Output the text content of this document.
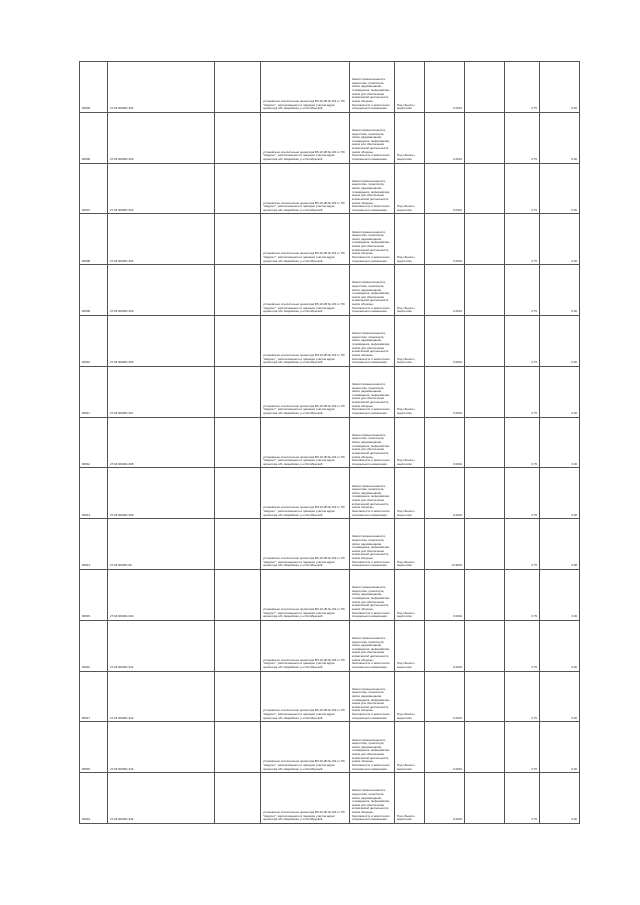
90505	27:04:000901:304		установлено относительно ориентира ВЛ-10 кВ № 103 от ПС "Амурзет", расположенного в границах участка адрес ориентира обл. Еврейская, р-н Октябрьский	Земли промышленности, энергетики, транспорта, связи, радиовещания, телевидения, информатики, земли для обеспечения космической деятельности, земли обороны, безопасности и земли иного специального назначения	Под объекты энергетики	0.0004		0.75	0.00

90506	27:04:000901:305		установлено относительно ориентира ВЛ-10 кВ № 103 от ПС "Амурзет", расположенного в границах участка адрес ориентира обл. Еврейская, р-н Октябрьский	Земли промышленности, энергетики, транспорта, связи, радиовещания, телевидения, информатики, земли для обеспечения космической деятельности, земли обороны, безопасности и земли иного специального назначения	Под объекты энергетики	0.0004		0.75	0.00

90507	27:04:000901:303		установлено относительно ориентира ВЛ-10 кВ № 103 от ПС "Амурзет", расположенного в границах участка адрес ориентира обл. Еврейская, р-н Октябрьский	Земли промышленности, энергетики, транспорта, связи, радиовещания, телевидения, информатики, земли для обеспечения космической деятельности, земли обороны, безопасности и земли иного специального назначения	Под объекты энергетики	0.0424		0.75	0.00

90508	27:04:000901:304		установлено относительно ориентира ВЛ-10 кВ № 103 от ПС "Амурзет", расположенного в границах участка адрес ориентира обл. Еврейская, р-н Октябрьский	Земли промышленности, энергетики, транспорта, связи, радиовещания, телевидения, информатики, земли для обеспечения космической деятельности, земли обороны, безопасности и земли иного специального назначения	Под объекты энергетики	0.0004		0.75	0.00

90509	27:04:000901:305		установлено относительно ориентира ВЛ-10 кВ № 103 от ПС "Амурзет", расположенного в границах участка адрес ориентира обл. Еврейская, р-н Октябрьский	Земли промышленности, энергетики, транспорта, связи, радиовещания, телевидения, информатики, земли для обеспечения космической деятельности, земли обороны, безопасности и земли иного специального назначения	Под объекты энергетики	0.0004		0.75	0.00

90510	27:04:000901:306		установлено относительно ориентира ВЛ-10 кВ № 103 от ПС "Амурзет", расположенного в границах участка адрес ориентира обл. Еврейская, р-н Октябрьский	Земли промышленности, энергетики, транспорта, связи, радиовещания, телевидения, информатики, земли для обеспечения космической деятельности, земли обороны, безопасности и земли иного специального назначения	Под объекты энергетики	0.0004		0.75	0.00

90511	27:04:000901:307		установлено относительно ориентира ВЛ-10 кВ № 103 от ПС "Амурзет", расположенного в границах участка адрес ориентира обл. Еврейская, р-н Октябрьский	Земли промышленности, энергетики, транспорта, связи, радиовещания, телевидения, информатики, земли для обеспечения космической деятельности, земли обороны, безопасности и земли иного специального назначения	Под объекты энергетики	0.0004		0.75	0.00

90512	27:04:000901:308		установлено относительно ориентира ВЛ-10 кВ № 103 от ПС "Амурзет", расположенного в границах участка адрес ориентира обл. Еврейская, р-н Октябрьский	Земли промышленности, энергетики, транспорта, связи, радиовещания, телевидения, информатики, земли для обеспечения космической деятельности, земли обороны, безопасности и земли иного специального назначения	Под объекты энергетики	0.0004		0.75	0.00

90513	27:04:000901:309		установлено относительно ориентира ВЛ-10 кВ № 103 от ПС "Амурзет", расположенного в границах участка адрес ориентира обл. Еврейская, р-н Октябрьский	Земли промышленности, энергетики, транспорта, связи, радиовещания, телевидения, информатики, земли для обеспечения космической деятельности, земли обороны, безопасности и земли иного специального назначения	Под объекты энергетики	0.0004		0.75	0.00

90514	27:04:000901:96		установлено относительно ориентира ВЛ-10 кВ № 103 от ПС "Амурзет", расположенного в границах участка адрес ориентира обл. Еврейская, р-н Октябрьский	Земли промышленности, энергетики, транспорта, связи, радиовещания, телевидения, информатики, земли для обеспечения космической деятельности, земли обороны, безопасности и земли иного специального назначения	Под объекты энергетики	10.9604		0.75	0.08

90515	27:04:000901:340		установлено относительно ориентира ВЛ-10 кВ № 103 от ПС "Амурзет", расположенного в границах участка адрес ориентира обл. Еврейская, р-н Октябрьский	Земли промышленности, энергетики, транспорта, связи, радиовещания, телевидения, информатики, земли для обеспечения космической деятельности, земли обороны, безопасности и земли иного специального назначения	Под объекты энергетики	0.0004		0.75	0.00

90516	27:04:000901:341		установлено относительно ориентира ВЛ-10 кВ № 103 от ПС "Амурзет", расположенного в границах участка адрес ориентира обл. Еврейская, р-н Октябрьский	Земли промышленности, энергетики, транспорта, связи, радиовещания, телевидения, информатики, земли для обеспечения космической деятельности, земли обороны, безопасности и земли иного специального назначения	Под объекты энергетики	0.0004		0.75	0.00

90517	27:04:000901:342		установлено относительно ориентира ВЛ-10 кВ № 103 от ПС "Амурзет", расположенного в границах участка адрес ориентира обл. Еврейская, р-н Октябрьский	Земли промышленности, энергетики, транспорта, связи, радиовещания, телевидения, информатики, земли для обеспечения космической деятельности, земли обороны, безопасности и земли иного специального назначения	Под объекты энергетики	0.0004		0.75	0.00

90518	27:04:000901:343		установлено относительно ориентира ВЛ-10 кВ № 103 от ПС "Амурзет", расположенного в границах участка адрес ориентира обл. Еврейская, р-н Октябрьский	Земли промышленности, энергетики, транспорта, связи, радиовещания, телевидения, информатики, земли для обеспечения космической деятельности, земли обороны, безопасности и земли иного специального назначения	Под объекты энергетики	0.0004		0.75	0.00

90519	27:04:000901:344		установлено относительно ориентира ВЛ-10 кВ № 103 от ПС "Амурзет", расположенного в границах участка адрес ориентира обл. Еврейская, р-н Октябрьский	Земли промышленности, энергетики, транспорта, связи, радиовещания, телевидения, информатики, земли для обеспечения космической деятельности, земли обороны, безопасности и земли иного специального назначения	Под объекты энергетики	0.0004		0.75	0.00
